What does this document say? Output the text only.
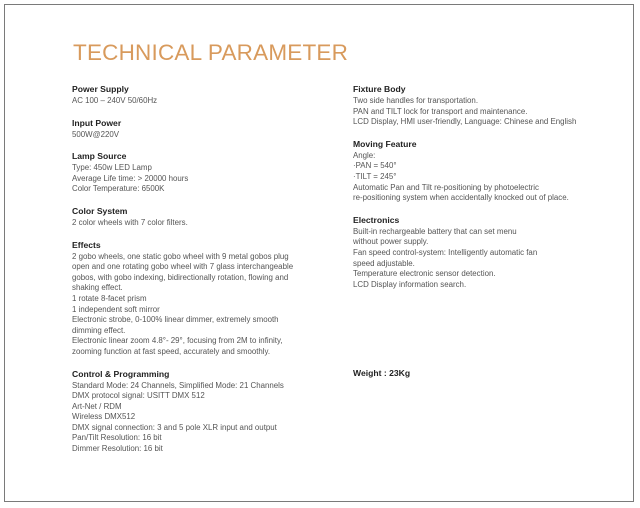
TECHNICAL PARAMETER
Power Supply
AC 100 – 240V 50/60Hz
Input Power
500W@220V
Lamp Source
Type: 450w LED Lamp
Average Life time: > 20000 hours
Color Temperature: 6500K
Color System
2 color wheels with 7 color filters.
Effects
2 gobo wheels, one static gobo wheel with 9 metal gobos plug
open and one rotating gobo wheel with 7 glass interchangeable
gobos, with gobo indexing, bidirectionally rotation, flowing and
shaking effect.
1 rotate 8-facet prism
1 independent soft mirror
Electronic strobe, 0-100% linear dimmer, extremely smooth
dimming effect.
Electronic linear zoom 4.8°- 29°, focusing from 2M to infinity,
zooming function at fast speed, accurately and smoothly.
Control & Programming
Standard Mode: 24 Channels, Simplified Mode: 21 Channels
DMX protocol signal: USITT DMX 512
Art-Net / RDM
Wireless DMX512
DMX signal connection: 3 and 5 pole XLR input and output
Pan/Tilt Resolution: 16 bit
Dimmer Resolution: 16 bit
Fixture Body
Two side handles for transportation.
PAN and TILT lock for transport and maintenance.
LCD Display, HMI user-friendly, Language: Chinese and English
Moving Feature
Angle:
·PAN = 540°
·TILT = 245°
Automatic Pan and Tilt re-positioning by photoelectric
re-positioning system when accidentally knocked out of place.
Electronics
Built-in rechargeable battery that can set menu
without power supply.
Fan speed control-system: Intelligently automatic fan
speed adjustable.
Temperature electronic sensor detection.
LCD Display information search.
Weight : 23Kg
